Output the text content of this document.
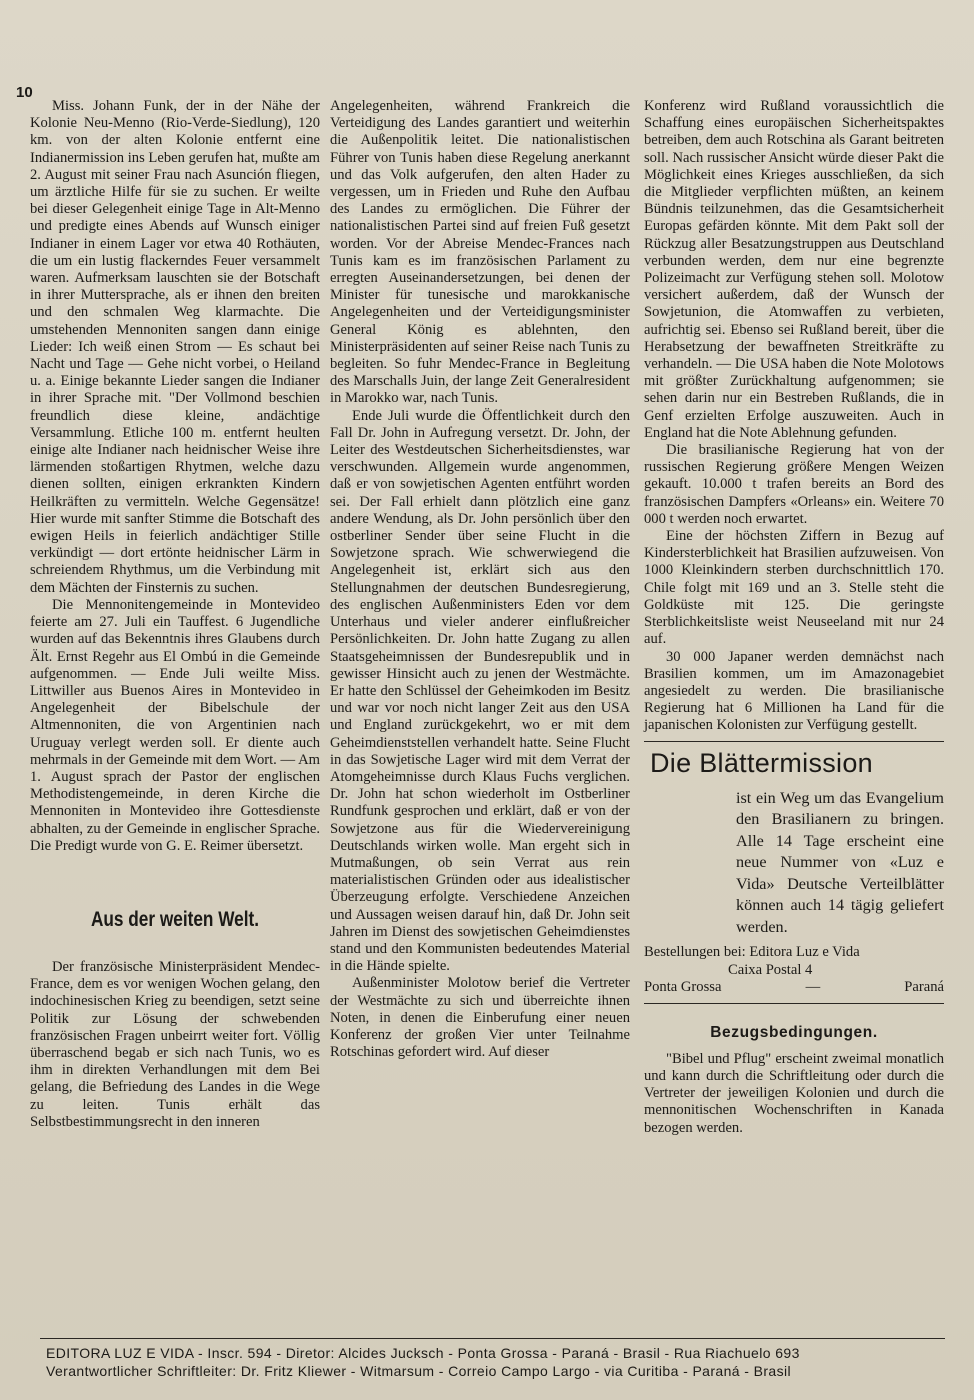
10

Miss. Johann Funk, der in der Nähe der Kolonie Neu-Menno (Rio-Verde-Siedlung), 120 km. von der alten Kolonie entfernt eine Indianermission ins Leben gerufen hat, mußte am 2. August mit seiner Frau nach Asunción fliegen, um ärztliche Hilfe für sie zu suchen. Er weilte bei dieser Gelegenheit einige Tage in Alt-Menno und predigte eines Abends auf Wunsch einiger Indianer in einem Lager vor etwa 40 Rothäuten, die um ein lustig flackerndes Feuer versammelt waren. Aufmerksam lauschten sie der Botschaft in ihrer Muttersprache, als er ihnen den breiten und den schmalen Weg klarmachte. Die umstehenden Mennoniten sangen dann einige Lieder: Ich weiß einen Strom — Es schaut bei Nacht und Tage — Gehe nicht vorbei, o Heiland u. a. Einige bekannte Lieder sangen die Indianer in ihrer Sprache mit. "Der Vollmond beschien freundlich diese kleine, andächtige Versammlung. Etliche 100 m. entfernt heulten einige alte Indianer nach heidnischer Weise ihre lärmenden stoßartigen Rhytmen, welche dazu dienen sollten, einigen erkrankten Kindern Heilkräften zu vermitteln. Welche Gegensätze! Hier wurde mit sanfter Stimme die Botschaft des ewigen Heils in feierlich andächtiger Stille verkündigt — dort ertönte heidnischer Lärm in schreiendem Rhythmus, um die Verbindung mit dem Mächten der Finsternis zu suchen.

Die Mennonitengemeinde in Montevideo feierte am 27. Juli ein Tauffest. 6 Jugendliche wurden auf das Bekenntnis ihres Glaubens durch Ält. Ernst Regehr aus El Ombú in die Gemeinde aufgenommen. — Ende Juli weilte Miss. Littwiller aus Buenos Aires in Montevideo in Angelegenheit der Bibelschule der Altmennoniten, die von Argentinien nach Uruguay verlegt werden soll. Er diente auch mehrmals in der Gemeinde mit dem Wort. — Am 1. August sprach der Pastor der englischen Methodistengemeinde, in deren Kirche die Mennoniten in Montevideo ihre Gottesdienste abhalten, zu der Gemeinde in englischer Sprache. Die Predigt wurde von G. E. Reimer übersetzt.

Aus der weiten Welt.

Der französische Ministerpräsident Mendec-France, dem es vor wenigen Wochen gelang, den indochinesischen Krieg zu beendigen, setzt seine Politik zur Lösung der schwebenden französischen Fragen unbeirrt weiter fort. Völlig überraschend begab er sich nach Tunis, wo es ihm in direkten Verhandlungen mit dem Bei gelang, die Befriedung des Landes in die Wege zu leiten. Tunis erhält das Selbstbestimmungsrecht in den inneren

Angelegenheiten, während Frankreich die Verteidigung des Landes garantiert und weiterhin die Außenpolitik leitet. Die nationalistischen Führer von Tunis haben diese Regelung anerkannt und das Volk aufgerufen, den alten Hader zu vergessen, um in Frieden und Ruhe den Aufbau des Landes zu ermöglichen. Die Führer der nationalistischen Partei sind auf freien Fuß gesetzt worden. Vor der Abreise Mendec-Frances nach Tunis kam es im französischen Parlament zu erregten Auseinandersetzungen, bei denen der Minister für tunesische und marokkanische Angelegenheiten und der Verteidigungsminister General König es ablehnten, den Ministerpräsidenten auf seiner Reise nach Tunis zu begleiten. So fuhr Mendec-France in Begleitung des Marschalls Juin, der lange Zeit Generalresident in Marokko war, nach Tunis.

Ende Juli wurde die Öffentlichkeit durch den Fall Dr. John in Aufregung versetzt. Dr. John, der Leiter des Westdeutschen Sicherheitsdienstes, war verschwunden. Allgemein wurde angenommen, daß er von sowjetischen Agenten entführt worden sei. Der Fall erhielt dann plötzlich eine ganz andere Wendung, als Dr. John persönlich über den ostberliner Sender über seine Flucht in die Sowjetzone sprach. Wie schwerwiegend die Angelegenheit ist, erklärt sich aus den Stellungnahmen der deutschen Bundesregierung, des englischen Außenministers Eden vor dem Unterhaus und vieler anderer einflußreicher Persönlichkeiten. Dr. John hatte Zugang zu allen Staatsgeheimnissen der Bundesrepublik und in gewisser Hinsicht auch zu jenen der Westmächte. Er hatte den Schlüssel der Geheimkoden im Besitz und war vor noch nicht langer Zeit aus den USA und England zurückgekehrt, wo er mit dem Geheimdienststellen verhandelt hatte. Seine Flucht in das Sowjetische Lager wird mit dem Verrat der Atomgeheimnisse durch Klaus Fuchs verglichen. Dr. John hat schon wiederholt im Ostberliner Rundfunk gesprochen und erklärt, daß er von der Sowjetzone aus für die Wiedervereinigung Deutschlands wirken wolle. Man ergeht sich in Mutmaßungen, ob sein Verrat aus rein materialistischen Gründen oder aus idealistischer Überzeugung erfolgte. Verschiedene Anzeichen und Aussagen weisen darauf hin, daß Dr. John seit Jahren im Dienst des sowjetischen Geheimdienstes stand und den Kommunisten bedeutendes Material in die Hände spielte.

Außenminister Molotow berief die Vertreter der Westmächte zu sich und überreichte ihnen Noten, in denen die Einberufung einer neuen Konferenz der großen Vier unter Teilnahme Rotschinas gefordert wird. Auf dieser

Konferenz wird Rußland voraussichtlich die Schaffung eines europäischen Sicherheitspaktes betreiben, dem auch Rotschina als Garant beitreten soll. Nach russischer Ansicht würde dieser Pakt die Möglichkeit eines Krieges ausschließen, da sich die Mitglieder verpflichten müßten, an keinem Bündnis teilzunehmen, das die Gesamtsicherheit Europas gefärden könnte. Mit dem Pakt soll der Rückzug aller Besatzungstruppen aus Deutschland verbunden werden, dem nur eine begrenzte Polizeimacht zur Verfügung stehen soll. Molotow versichert außerdem, daß der Wunsch der Sowjetunion, die Atomwaffen zu verbieten, aufrichtig sei. Ebenso sei Rußland bereit, über die Herabsetzung der bewaffneten Streitkräfte zu verhandeln. — Die USA haben die Note Molotows mit größter Zurückhaltung aufgenommen; sie sehen darin nur ein Bestreben Rußlands, die in Genf erzielten Erfolge auszuweiten. Auch in England hat die Note Ablehnung gefunden.

Die brasilianische Regierung hat von der russischen Regierung größere Mengen Weizen gekauft. 10.000 t trafen bereits an Bord des französischen Dampfers «Orleans» ein. Weitere 70 000 t werden noch erwartet.

Eine der höchsten Ziffern in Bezug auf Kindersterblichkeit hat Brasilien aufzuweisen. Von 1000 Kleinkindern sterben durchschnittlich 170. Chile folgt mit 169 und an 3. Stelle steht die Goldküste mit 125. Die geringste Sterblichkeitsliste weist Neuseeland mit nur 24 auf.

30 000 Japaner werden demnächst nach Brasilien kommen, um im Amazonagebiet angesiedelt zu werden. Die brasilianische Regierung hat 6 Millionen ha Land für die japanischen Kolonisten zur Verfügung gestellt.

Die Blättermission
ist ein Weg um das Evangelium den Brasilianern zu bringen. Alle 14 Tage erscheint eine neue Nummer von «Luz e Vida» Deutsche Verteilblätter können auch 14 tägig geliefert werden.
Bestellungen bei: Editora Luz e Vida
Caixa Postal 4
Ponta Grossa	—	Paraná
Bezugsbedingungen.

"Bibel und Pflug" erscheint zweimal monatlich und kann durch die Schriftleitung oder durch die Vertreter der jeweiligen Kolonien und durch die mennonitischen Wochenschriften in Kanada bezogen werden.

EDITORA LUZ E VIDA - Inscr. 594 - Diretor: Alcides Jucksch - Ponta Grossa - Paraná - Brasil - Rua Riachuelo 693
Verantwortlicher Schriftleiter: Dr. Fritz Kliewer - Witmarsum - Correio Campo Largo - via Curitiba - Paraná - Brasil
